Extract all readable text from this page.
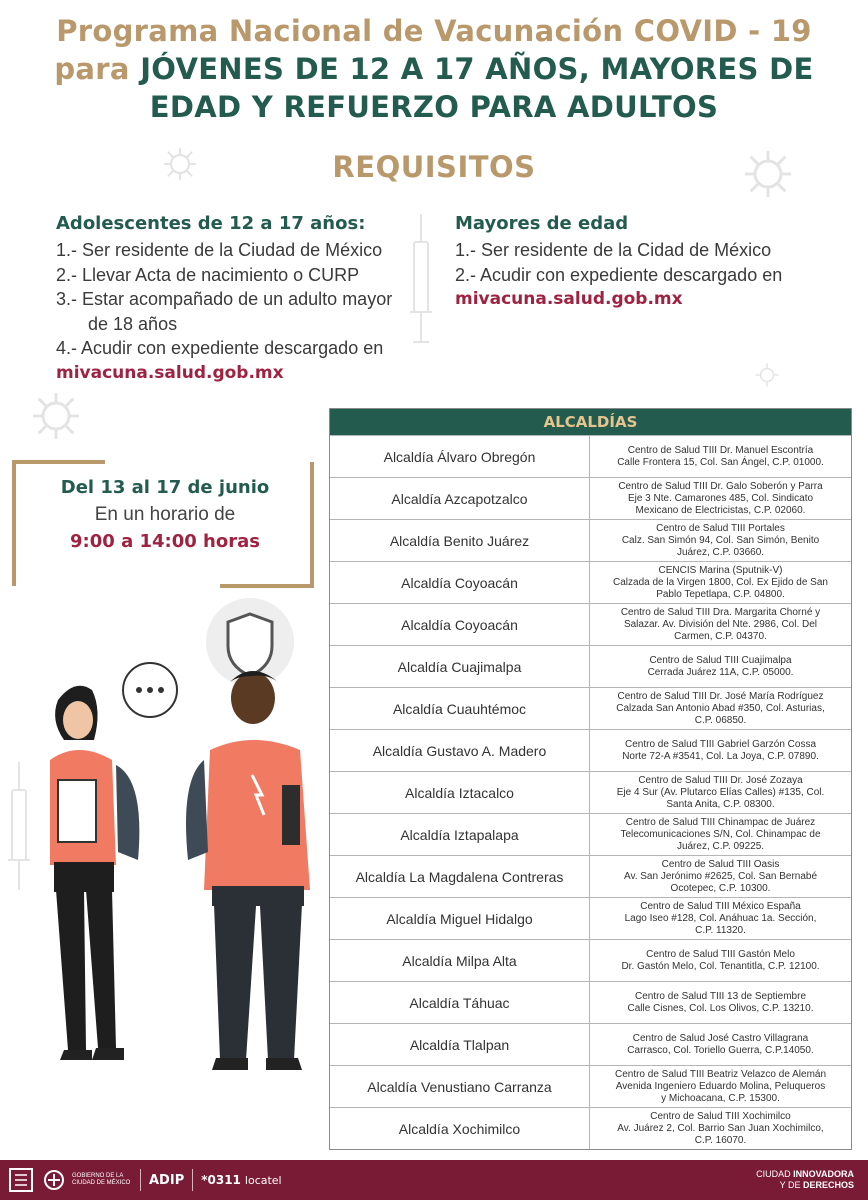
Programa Nacional de Vacunación COVID - 19
para JÓVENES DE 12 A 17 AÑOS, MAYORES DE
EDAD Y REFUERZO PARA ADULTOS
REQUISITOS
Adolescentes de 12 a 17 años:
1.- Ser residente de la Ciudad de México
2.- Llevar Acta de nacimiento o CURP
3.- Estar acompañado de un adulto mayor
de 18 años
4.- Acudir con expediente descargado en
mivacuna.salud.gob.mx
Mayores de edad
1.- Ser residente de la Cidad de México
2.- Acudir con expediente descargado en
mivacuna.salud.gob.mx
Del 13 al 17 de junio
En un horario de
9:00 a 14:00 horas
ALCALDÍAS
Alcaldía Álvaro Obregón	Centro de Salud TIII Dr. Manuel Escontría
Calle Frontera 15, Col. San Ángel, C.P. 01000.
Alcaldía Azcapotzalco
Centro de Salud TIII Dr. Galo Soberón y Parra
Eje 3 Nte. Camarones 485, Col. Sindicato
Mexicano de Electricistas, C.P. 02060.
Alcaldía Benito Juárez
Centro de Salud TIII Portales
Calz. San Simón 94, Col. San Simón, Benito
Juárez, C.P. 03660.
Alcaldía Coyoacán
CENCIS Marina (Sputnik-V)
Calzada de la Virgen 1800, Col. Ex Ejido de San
Pablo Tepetlapa, C.P. 04800.
Alcaldía Coyoacán
Centro de Salud TIII Dra. Margarita Chorné y
Salazar. Av. División del Nte. 2986, Col. Del
Carmen, C.P. 04370.
Alcaldía Cuajimalpa	Centro de Salud TIII Cuajimalpa
Cerrada Juárez 11A, C.P. 05000.
Alcaldía Cuauhtémoc
Centro de Salud TIII Dr. José María Rodríguez
Calzada San Antonio Abad #350, Col. Asturias,
C.P. 06850.
Alcaldía Gustavo A. Madero	Centro de Salud TIII Gabriel Garzón Cossa
Norte 72-A #3541, Col. La Joya, C.P. 07890.
Alcaldía Iztacalco
Centro de Salud TIII Dr. José Zozaya
Eje 4 Sur (Av. Plutarco Elías Calles) #135, Col.
Santa Anita, C.P. 08300.
Alcaldía Iztapalapa
Centro de Salud TIII Chinampac de Juárez
Telecomunicaciones S/N, Col. Chinampac de
Juárez, C.P. 09225.
Alcaldía La Magdalena Contreras
Centro de Salud TIII Oasis
Av. San Jerónimo #2625, Col. San Bernabé
Ocotepec, C.P. 10300.
Alcaldía Miguel Hidalgo
Centro de Salud TIII México España
Lago Iseo #128, Col. Anáhuac 1a. Sección,
C.P. 11320.
Alcaldía Milpa Alta	Centro de Salud TIII Gastón Melo
Dr. Gastón Melo, Col. Tenantitla, C.P. 12100.
Alcaldía Táhuac	Centro de Salud TIII 13 de Septiembre
Calle Cisnes, Col. Los Olivos, C.P. 13210.
Alcaldía Tlalpan	Centro de Salud José Castro Villagrana
Carrasco, Col. Toriello Guerra, C.P.14050.
Alcaldía Venustiano Carranza
Centro de Salud TIII Beatriz Velazco de Alemán
Avenida Ingeniero Eduardo Molina, Peluqueros
y Michoacana, C.P. 15300.
Alcaldía Xochimilco
Centro de Salud TIII Xochimilco
Av. Juárez 2, Col. Barrio San Juan Xochimilco,
C.P. 16070.
GOBIERNO DE LA
CIUDAD DE MÉXICO ADIP *0311 locatel	CIUDAD INNOVADORA
Y DE DERECHOS
